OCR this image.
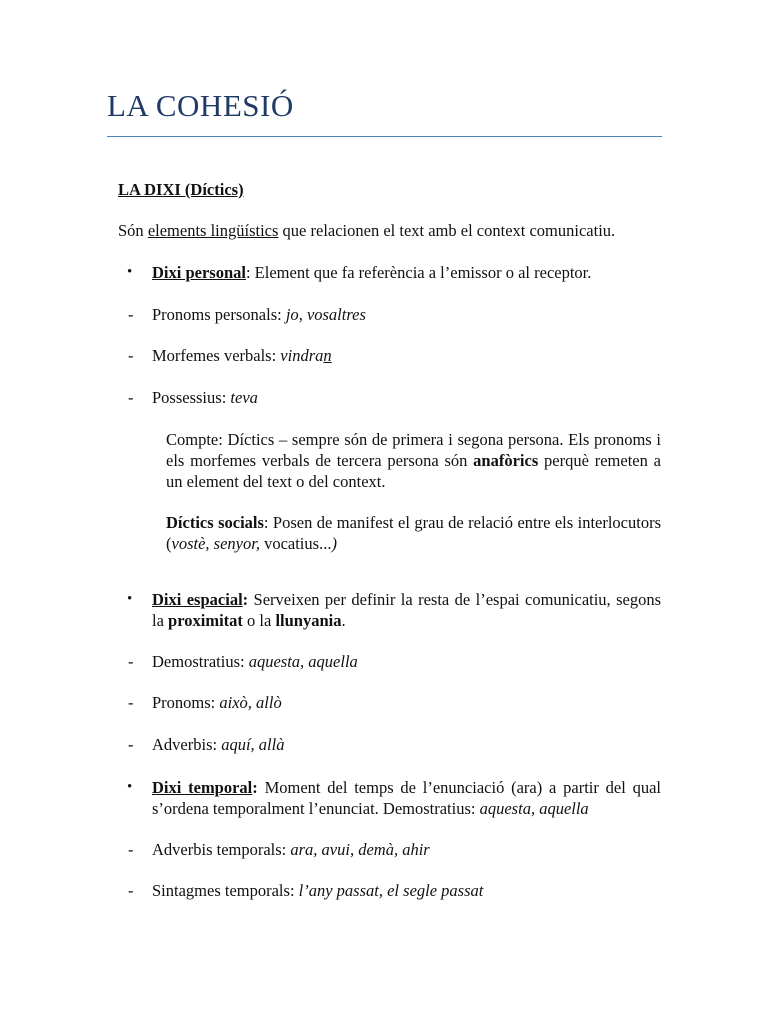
LA COHESIÓ
LA DIXI (Díctics)
Són elements lingüístics que relacionen el text amb el context comunicatiu.
• Dixi personal: Element que fa referència a l’emissor o al receptor.
- Pronoms personals: jo, vosaltres
- Morfemes verbals: vindran
- Possessius: teva
Compte: Díctics – sempre són de primera i segona persona. Els pronoms i els morfemes verbals de tercera persona són anafòrics perquè remeten a un element del text o del context.
Díctics socials: Posen de manifest el grau de relació entre els interlocutors (vostè, senyor, vocatius...)
• Dixi espacial: Serveixen per definir la resta de l’espai comunicatiu, segons la proximitat o la llunyania.
- Demostratius: aquesta, aquella
- Pronoms: això, allò
- Adverbis: aquí, allà
• Dixi temporal: Moment del temps de l’enunciació (ara) a partir del qual s’ordena temporalment l’enunciat. Demostratius: aquesta, aquella
- Adverbis temporals: ara, avui, demà, ahir
- Sintagmes temporals: l’any passat, el segle passat
